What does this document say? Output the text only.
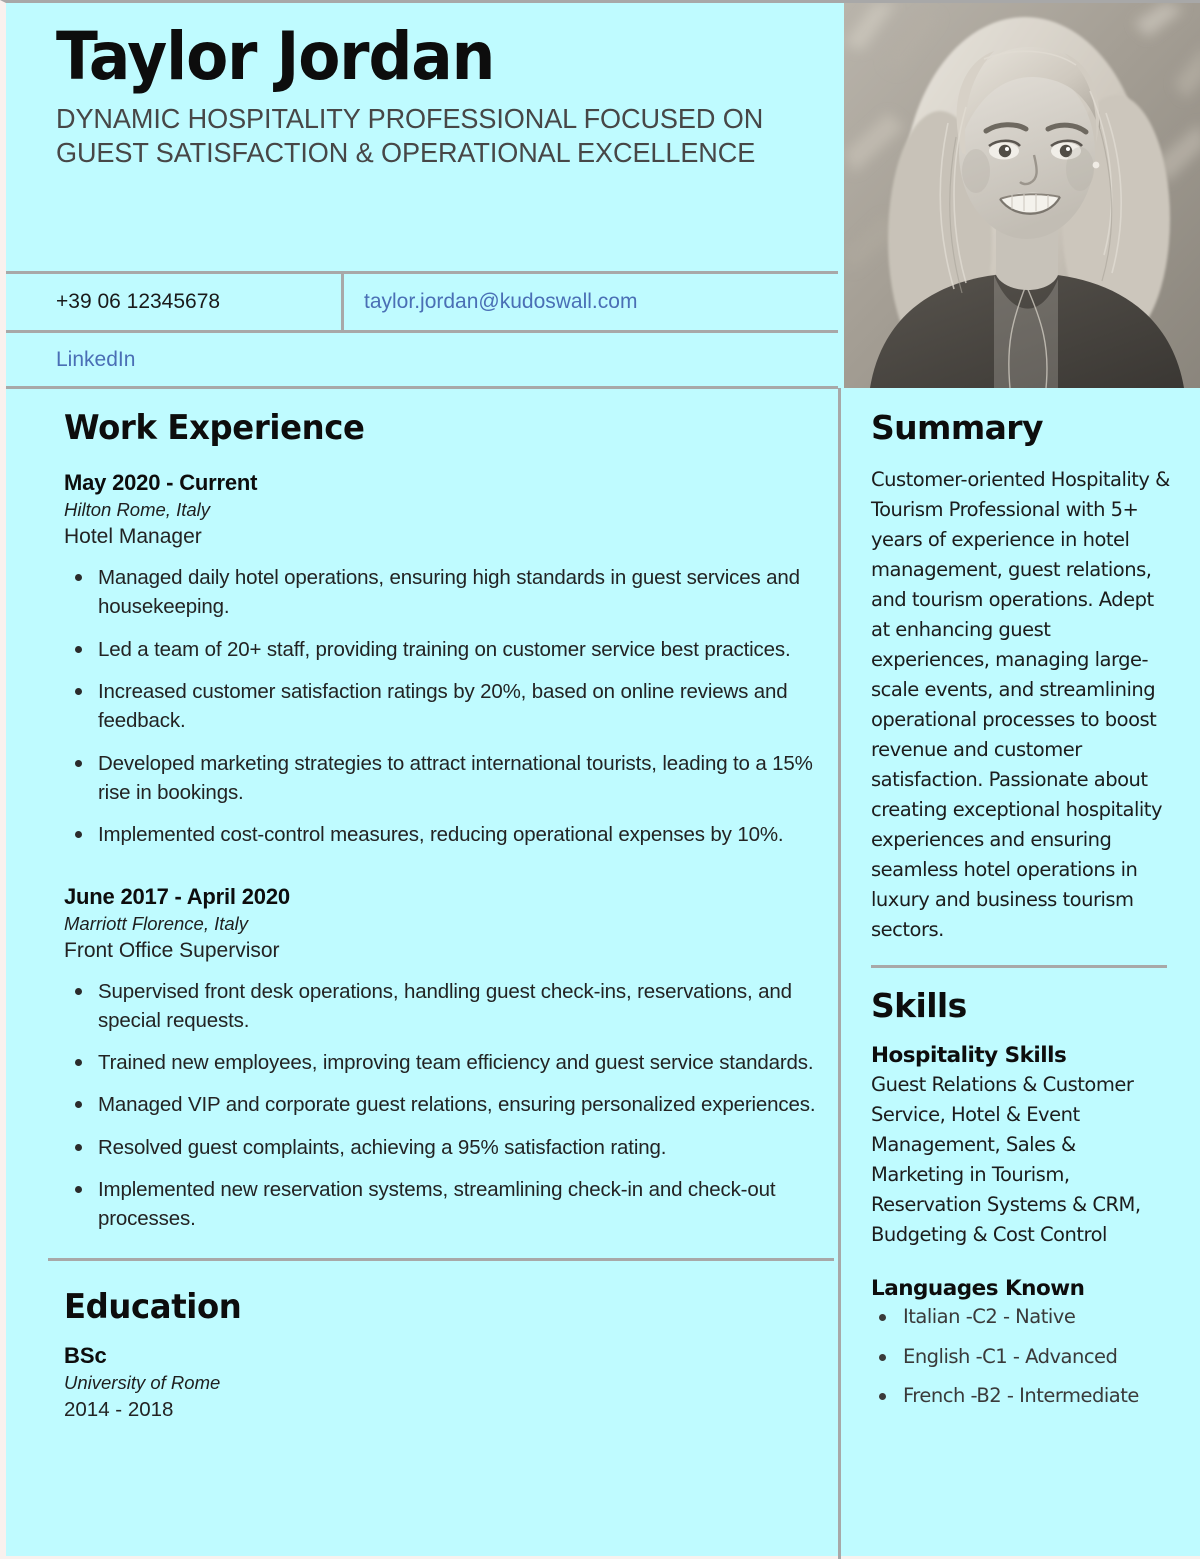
Taylor Jordan

DYNAMIC HOSPITALITY PROFESSIONAL FOCUSED ON GUEST SATISFACTION & OPERATIONAL EXCELLENCE

+39 06 12345678	taylor.jordan@kudoswall.com
LinkedIn
Work Experience

May 2020 - Current

Hilton Rome, Italy

Hotel Manager

Managed daily hotel operations, ensuring high standards in guest services and housekeeping.
Led a team of 20+ staff, providing training on customer service best practices.
Increased customer satisfaction ratings by 20%, based on online reviews and feedback.
Developed marketing strategies to attract international tourists, leading to a 15% rise in bookings.
Implemented cost-control measures, reducing operational expenses by 10%.

June 2017 - April 2020

Marriott Florence, Italy

Front Office Supervisor

Supervised front desk operations, handling guest check-ins, reservations, and special requests.
Trained new employees, improving team efficiency and guest service standards.
Managed VIP and corporate guest relations, ensuring personalized experiences.
Resolved guest complaints, achieving a 95% satisfaction rating.
Implemented new reservation systems, streamlining check-in and check-out processes.
Education

BSc

University of Rome

2014 - 2018

Summary

Customer-oriented Hospitality & Tourism Professional with 5+ years of experience in hotel management, guest relations, and tourism operations. Adept at enhancing guest experiences, managing large-scale events, and streamlining operational processes to boost revenue and customer satisfaction. Passionate about creating exceptional hospitality experiences and ensuring seamless hotel operations in luxury and business tourism sectors.

Skills

Hospitality Skills

Guest Relations & Customer Service, Hotel & Event Management, Sales & Marketing in Tourism, Reservation Systems & CRM, Budgeting & Cost Control

Languages Known

Italian -C2 - Native
English -C1 - Advanced
French -B2 - Intermediate
